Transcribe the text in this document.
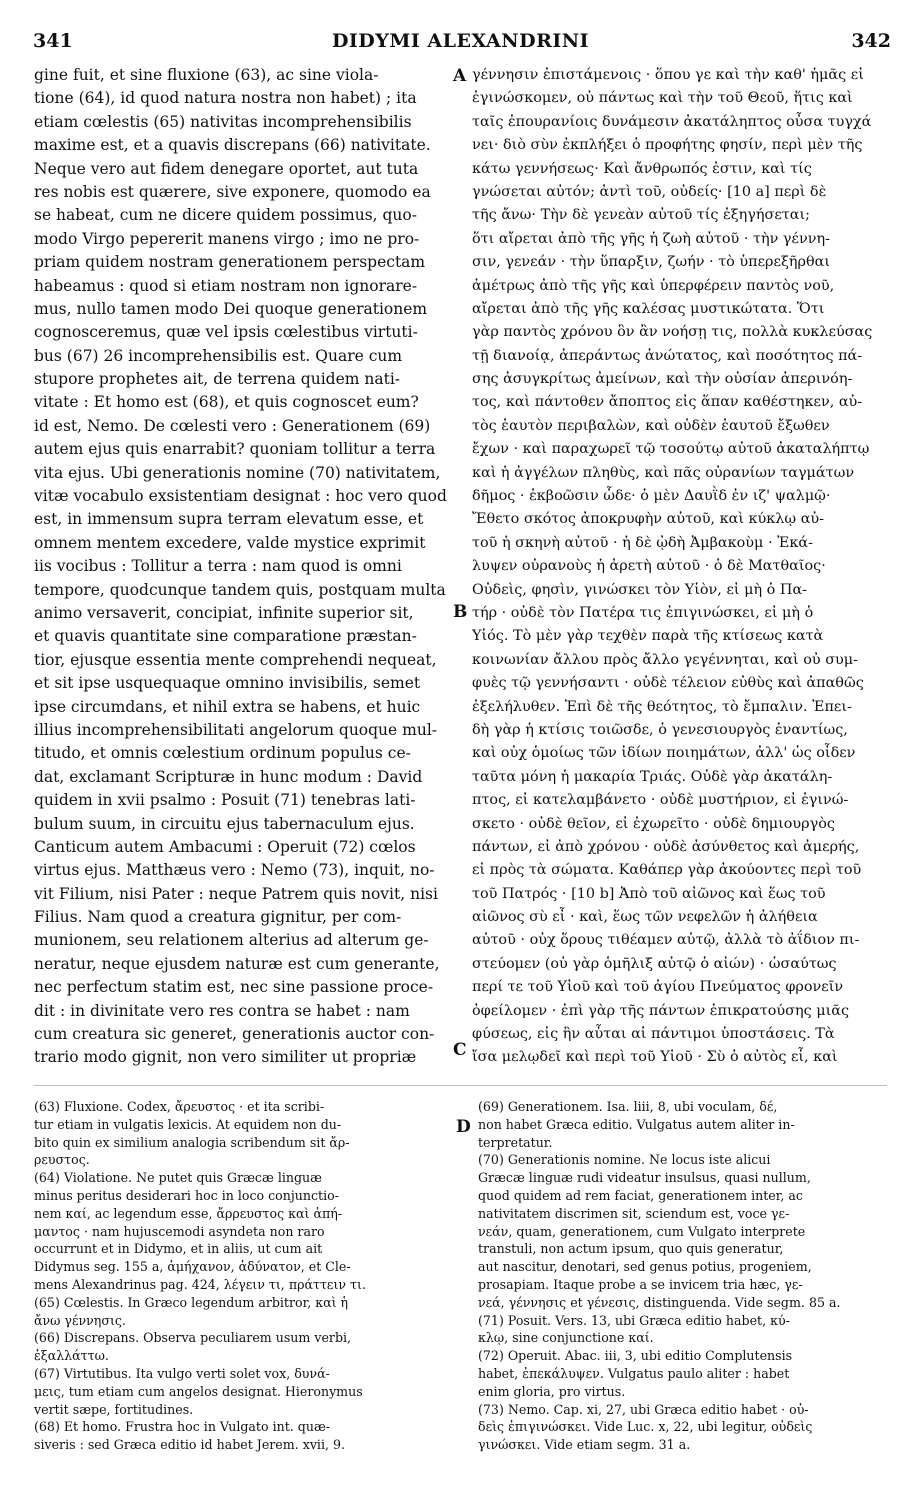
341	DIDYMI ALEXANDRINI	342
gine fuit, et sine fluxione (63), ac sine viola-
tione (64), id quod natura nostra non habet) ; ita
etiam cœlestis (65) nativitas incomprehensibilis
maxime est, et a quavis discrepans (66) nativitate.
Neque vero aut fidem denegare oportet, aut tuta
res nobis est quærere, sive exponere, quomodo ea
se habeat, cum ne dicere quidem possimus, quo-
modo Virgo pepererit manens virgo ; imo ne pro-
priam quidem nostram generationem perspectam
habeamus : quod si etiam nostram non ignorare-
mus, nullo tamen modo Dei quoque generationem
cognosceremus, quæ vel ipsis cœlestibus virtuti-
bus (67) 26 incomprehensibilis est. Quare cum
stupore prophetes ait, de terrena quidem nati-
vitate : Et homo est (68), et quis cognoscet eum?
id est, Nemo. De cœlesti vero : Generationem (69)
autem ejus quis enarrabit? quoniam tollitur a terra
vita ejus. Ubi generationis nomine (70) nativitatem,
vitæ vocabulo exsistentiam designat : hoc vero quod
est, in immensum supra terram elevatum esse, et
omnem mentem excedere, valde mystice exprimit
iis vocibus : Tollitur a terra : nam quod is omni
tempore, quodcunque tandem quis, postquam multa
animo versaverit, concipiat, infinite superior sit,
et quavis quantitate sine comparatione præstan-
tior, ejusque essentia mente comprehendi nequeat,
et sit ipse usquequaque omnino invisibilis, semet
ipse circumdans, et nihil extra se habens, et huic
illius incomprehensibilitati angelorum quoque mul-
titudo, et omnis cœlestium ordinum populus ce-
dat, exclamant Scripturæ in hunc modum : David
quidem in xvii psalmo : Posuit (71) tenebras lati-
bulum suum, in circuitu ejus tabernaculum ejus.
Canticum autem Ambacumi : Operuit (72) cœlos
virtus ejus. Matthæus vero : Nemo (73), inquit, no-
vit Filium, nisi Pater : neque Patrem quis novit, nisi
Filius. Nam quod a creatura gignitur, per com-
munionem, seu relationem alterius ad alterum ge-
neratur, neque ejusdem naturæ est cum generante,
nec perfectum statim est, nec sine passione proce-
dit : in divinitate vero res contra se habet : nam
cum creatura sic generet, generationis auctor con-
trario modo gignit, non vero similiter ut propriæ
γέννησιν ἐπιστάμενοις · ὅπου γε καὶ τὴν καθ' ἡμᾶς εἰ
ἐγινώσκομεν, οὐ πάντως καὶ τὴν τοῦ Θεοῦ, ἥτις καὶ
ταῖς ἐπουρανίοις δυνάμεσιν ἀκατάληπτος οὖσα τυγχά
νει· διὸ σὺν ἐκπλήξει ὁ προφήτης φησίν, περὶ μὲν τῆς
κάτω γεννήσεως· Καὶ ἄνθρωπός ἐστιν, καὶ τίς
γνώσεται αὐτόν; ἀντὶ τοῦ, οὐδείς· [10 a] περὶ δὲ
τῆς ἄνω· Τὴν δὲ γενεὰν αὐτοῦ τίς ἐξηγήσεται;
ὅτι αἴρεται ἀπὸ τῆς γῆς ἡ ζωὴ αὐτοῦ · τὴν γέννη-
σιν, γενεάν · τὴν ὕπαρξιν, ζωήν · τὸ ὑπερεξῆρθαι
ἀμέτρως ἀπὸ τῆς γῆς καὶ ὑπερφέρειν παντὸς νοῦ,
αἴρεται ἀπὸ τῆς γῆς καλέσας μυστικώτατα. Ὅτι
γὰρ παντὸς χρόνου ὃν ἂν νοήσῃ τις, πολλὰ κυκλεύσας
τῇ διανοίᾳ, ἀπεράντως ἀνώτατος, καὶ ποσότητος πά-
σης ἀσυγκρίτως ἀμείνων, καὶ τὴν οὐσίαν ἀπερινόη-
τος, καὶ πάντοθεν ἄποπτος εἰς ἅπαν καθέστηκεν, αὐ-
τὸς ἑαυτὸν περιβαλὼν, καὶ οὐδὲν ἑαυτοῦ ἔξωθεν
ἔχων · καὶ παραχωρεῖ τῷ τοσούτῳ αὐτοῦ ἀκαταλήπτῳ
καὶ ἡ ἀγγέλων πληθὺς, καὶ πᾶς οὐρανίων ταγμάτων
δῆμος · ἐκβοῶσιν ὧδε· ὁ μὲν Δαυῒδ ἐν ιζ' ψαλμῷ·
Ἔθετο σκότος ἀποκρυφὴν αὐτοῦ, καὶ κύκλῳ αὐ-
τοῦ ἡ σκηνὴ αὐτοῦ · ἡ δὲ ᾠδὴ Ἀμβακοὺμ · Ἐκά-
λυψεν οὐρανοὺς ἡ ἀρετὴ αὐτοῦ · ὁ δὲ Ματθαῖος·
Οὐδεὶς, φησὶν, γινώσκει τὸν Υἱὸν, εἰ μὴ ὁ Πα-
τήρ · οὐδὲ τὸν Πατέρα τις ἐπιγινώσκει, εἰ μὴ ὁ
Υἱός. Τὸ μὲν γὰρ τεχθὲν παρὰ τῆς κτίσεως κατὰ
κοινωνίαν ἄλλου πρὸς ἄλλο γεγέννηται, καὶ οὐ συμ-
φυὲς τῷ γεννήσαντι · οὐδὲ τέλειον εὐθὺς καὶ ἀπαθῶς
ἐξελήλυθεν. Ἐπὶ δὲ τῆς θεότητος, τὸ ἔμπαλιν. Ἐπει-
δὴ γὰρ ἡ κτίσις τοιῶσδε, ὁ γενεσιουργὸς ἐναντίως,
καὶ οὐχ ὁμοίως τῶν ἰδίων ποιημάτων, ἀλλ' ὡς οἶδεν
ταῦτα μόνη ἡ μακαρία Τριάς. Οὐδὲ γὰρ ἀκατάλη-
πτος, εἰ κατελαμβάνετο · οὐδὲ μυστήριον, εἰ ἐγινώ-
σκετο · οὐδὲ θεῖον, εἰ ἐχωρεῖτο · οὐδὲ δημιουργὸς
πάντων, εἰ ἀπὸ χρόνου · οὐδὲ ἀσύνθετος καὶ ἀμερής,
εἰ πρὸς τὰ σώματα. Καθάπερ γὰρ ἀκούοντες περὶ τοῦ
τοῦ Πατρός · [10 b] Ἀπὸ τοῦ αἰῶνος καὶ ἕως τοῦ
αἰῶνος σὺ εἶ · καὶ, ἕως τῶν νεφελῶν ἡ ἀλήθεια
αὐτοῦ · οὐχ ὅρους τιθέαμεν αὐτῷ, ἀλλὰ τὸ ἀΐδιον πι-
στεύομεν (οὐ γὰρ ὁμῆλιξ αὐτῷ ὁ αἰών) · ὡσαύτως
περί τε τοῦ Υἱοῦ καὶ τοῦ ἁγίου Πνεύματος φρονεῖν
ὀφείλομεν · ἐπὶ γὰρ τῆς πάντων ἐπικρατούσης μιᾶς
φύσεως, εἰς ἣν αὗται αἱ πάντιμοι ὑποστάσεις. Τὰ
ἴσα μελῳδεῖ καὶ περὶ τοῦ Υἱοῦ · Σὺ ὁ αὐτὸς εἶ, καὶ
A
B
C
D
(63) Fluxione. Codex, ἄρευστος · et ita scribi-
tur etiam in vulgatis lexicis. At equidem non du-
bito quin ex similium analogia scribendum sit ἄρ-
ρευστος.
(64) Violatione. Ne putet quis Græcæ linguæ
minus peritus desiderari hoc in loco conjunctio-
nem καί, ac legendum esse, ἄρρευστος καὶ ἀπή-
μαντος · nam hujuscemodi asyndeta non raro
occurrunt et in Didymo, et in aliis, ut cum ait
Didymus seg. 155 a, ἀμήχανον, ἀδύνατον, et Cle-
mens Alexandrinus pag. 424, λέγειν τι, πράττειν τι.
(65) Cœlestis. In Græco legendum arbitror, καὶ ἡ
ἄνω γέννησις.
(66) Discrepans. Observa peculiarem usum verbi,
ἐξαλλάττω.
(67) Virtutibus. Ita vulgo verti solet vox, δυνά-
μεις, tum etiam cum angelos designat. Hieronymus
vertit sæpe, fortitudines.
(68) Et homo. Frustra hoc in Vulgato int. quæ-
siveris : sed Græca editio id habet Jerem. xvii, 9.
(69) Generationem. Isa. liii, 8, ubi voculam, δέ,
non habet Græca editio. Vulgatus autem aliter in-
terpretatur.
(70) Generationis nomine. Ne locus iste alicui
Græcæ linguæ rudi videatur insulsus, quasi nullum,
quod quidem ad rem faciat, generationem inter, ac
nativitatem discrimen sit, sciendum est, voce γε-
νεάν, quam, generationem, cum Vulgato interprete
transtuli, non actum ipsum, quo quis generatur,
aut nascitur, denotari, sed genus potius, progeniem,
prosapiam. Itaque probe a se invicem tria hæc, γε-
νεά, γέννησις et γένεσις, distinguenda. Vide segm. 85 a.
(71) Posuit. Vers. 13, ubi Græca editio habet, κύ-
κλῳ, sine conjunctione καί.
(72) Operuit. Abac. iii, 3, ubi editio Complutensis
habet, ἐπεκάλυψεν. Vulgatus paulo aliter : habet
enim gloria, pro virtus.
(73) Nemo. Cap. xi, 27, ubi Græca editio habet · οὐ-
δεὶς ἐπιγινώσκει. Vide Luc. x, 22, ubi legitur, οὐδεὶς
γινώσκει. Vide etiam segm. 31 a.
